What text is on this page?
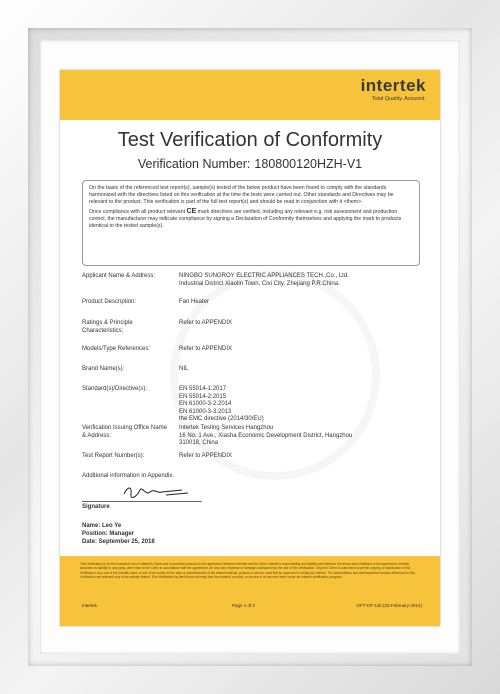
intertek
Total Quality. Assured.
Test Verification of Conformity
Verification Number: 180800120HZH-V1

On the basis of the referenced test report(s), sample(s) tested of the below product have been found to comply with the standards harmonized with the directives listed on this verification at the time the tests were carried out. Other standards and Directives may be relevant to the product. This verification is part of the full test report(s) and should be read in conjunction with it <them>.

Once compliance with all product relevant CE mark directives are verified, including any relevant e.g. risk assessment and production control, the manufacturer may indicate compliance by signing a Declaration of Conformity themselves and applying the mark to products identical to the tested sample(s).

Applicant Name & Address:	NINGBO SUNGROY ELECTRIC APPLIANCES TECH.,Co., Ltd.
Industrial District Xiaolin Town, Cixi City, Zhejiang P.R.China.
Product Description:	Fan Heater
Ratings & Principle Characteristics:
Refer to APPENDIX
Models/Type References:	Refer to APPENDIX
Brand Name(s):	NIL
Standard(s)/Directive(s):	EN 55014-1:2017
EN 55014-2:2015
EN 61000-3-2:2014
EN 61000-3-3:2013
the EMC directive (2014/30/EU)
Verification Issuing Office Name & Address:
Intertek Testing Services Hangzhou
16 No. 1 Ave., Xiasha Economic Development District, Hangzhou
310018, China
Test Report Number(s):	Refer to APPENDIX
Additional information in Appendix.
Signature
Name: Leo Ye
Position: Manager
Date: September 25, 2018
This Verification is for the exclusive use of Intertek's Client and is provided pursuant to the agreement between Intertek and its Client. Intertek's responsibility and liability are limited to the terms and conditions of the agreement. Intertek assumes no liability to any party, other than to the Client in accordance with the agreement, for any loss, expense or damage occasioned by the use of this Verification. Only the Client is authorized to permit copying or distribution of this Verification. Any use of the Intertek name or one of its marks for the sale or advertisement of the tested material, product or service must first be approved in writing by Intertek. The observations and test/inspection results referenced in this Verification are relevant only to the sample tested. This Verification by itself does not imply that the material, product, or service is or has ever been under an Intertek certification program.
Intertek	Page 1 of 2	GFT-CP-11b (22-February-2014)
